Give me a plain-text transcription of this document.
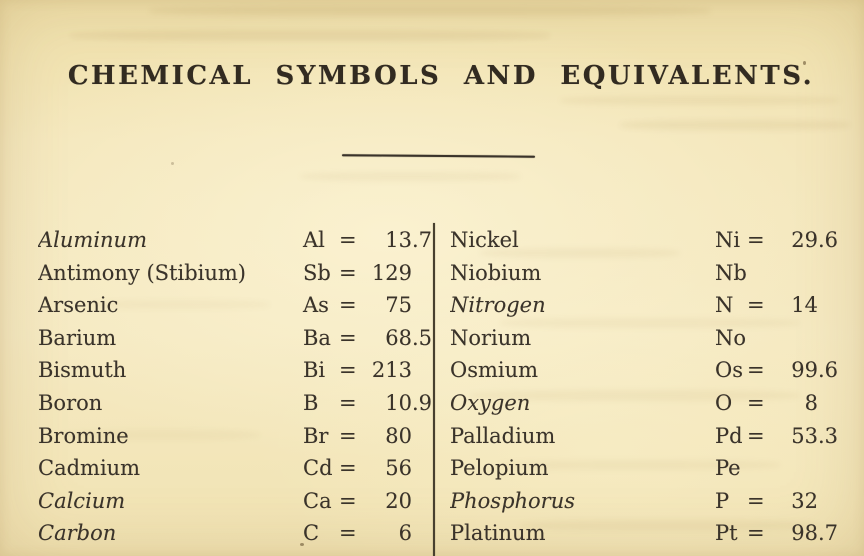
CHEMICAL SYMBOLS AND EQUIVALENTS.
Aluminum	Al =	13 .7
Antimony (Stibium)	Sb = 129
Arsenic	As =	75
Barium	Ba =	68 .5
Bismuth	Bi = 213
Boron	B =	10 .9
Bromine	Br =	80
Cadmium	Cd =	56
Calcium	Ca =	20
Carbon	C =	6
Nickel	Ni =	29 .6
Niobium	Nb
Nitrogen	N =	14
Norium	No
Osmium	Os =	99 .6
Oxygen	O =	8
Palladium	Pd =	53 .3
Pelopium	Pe
Phosphorus	P =	32
Platinum	Pt =	98 .7
